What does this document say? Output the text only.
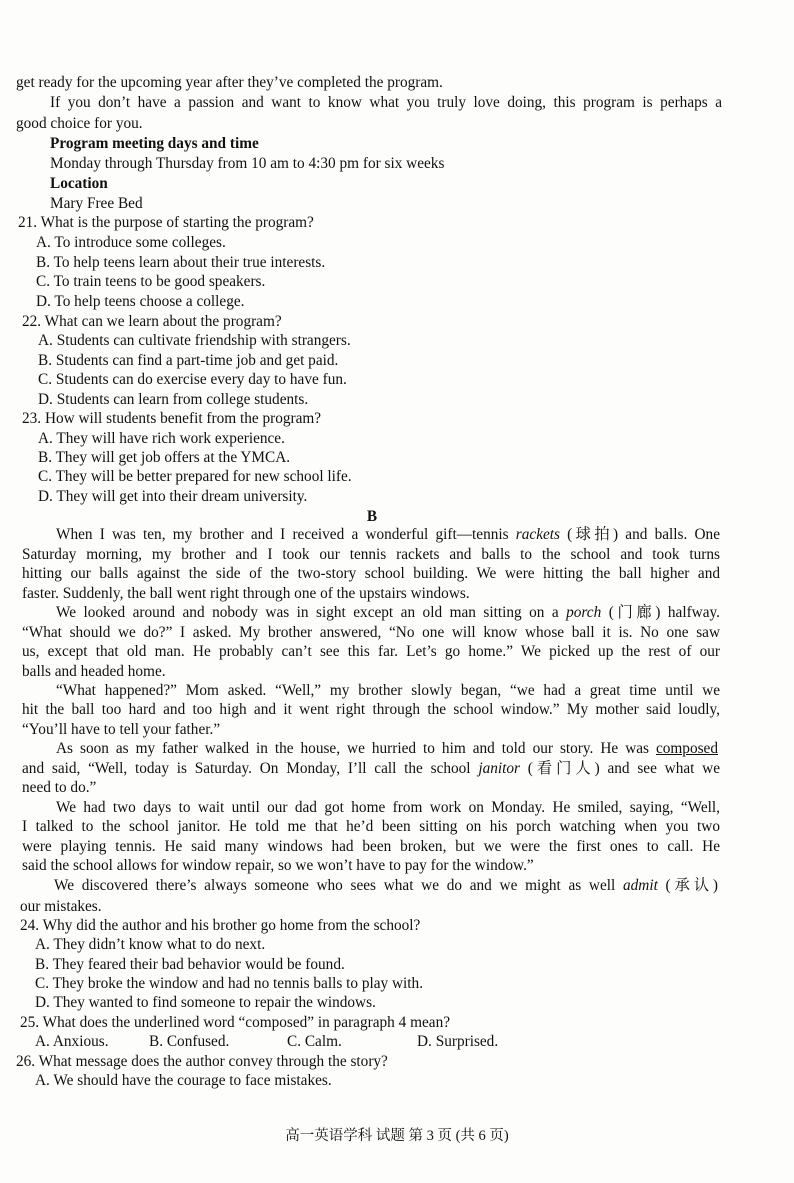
get ready for the upcoming year after they’ve completed the program.
If you don’t have a passion and want to know what you truly love doing, this program is perhaps a
good choice for you.
Program meeting days and time
Monday through Thursday from 10 am to 4:30 pm for six weeks
Location
Mary Free Bed
21. What is the purpose of starting the program?
A. To introduce some colleges.
B. To help teens learn about their true interests.
C. To train teens to be good speakers.
D. To help teens choose a college.
22. What can we learn about the program?
A. Students can cultivate friendship with strangers.
B. Students can find a part-time job and get paid.
C. Students can do exercise every day to have fun.
D. Students can learn from college students.
23. How will students benefit from the program?
A. They will have rich work experience.
B. They will get job offers at the YMCA.
C. They will be better prepared for new school life.
D. They will get into their dream university.
B
When I was ten, my brother and I received a wonderful gift—tennis rackets (球拍) and balls. One
Saturday morning, my brother and I took our tennis rackets and balls to the school and took turns
hitting our balls against the side of the two-story school building. We were hitting the ball higher and
faster. Suddenly, the ball went right through one of the upstairs windows.
We looked around and nobody was in sight except an old man sitting on a porch (门廊) halfway.
“What should we do?” I asked. My brother answered, “No one will know whose ball it is. No one saw
us, except that old man. He probably can’t see this far. Let’s go home.” We picked up the rest of our
balls and headed home.
“What happened?” Mom asked. “Well,” my brother slowly began, “we had a great time until we
hit the ball too hard and too high and it went right through the school window.” My mother said loudly,
“You’ll have to tell your father.”
As soon as my father walked in the house, we hurried to him and told our story. He was composed
and said, “Well, today is Saturday. On Monday, I’ll call the school janitor (看门人) and see what we
need to do.”
We had two days to wait until our dad got home from work on Monday. He smiled, saying, “Well,
I talked to the school janitor. He told me that he’d been sitting on his porch watching when you two
were playing tennis. He said many windows had been broken, but we were the first ones to call. He
said the school allows for window repair, so we won’t have to pay for the window.”
We discovered there’s always someone who sees what we do and we might as well admit (承认)
our mistakes.
24. Why did the author and his brother go home from the school?
A. They didn’t know what to do next.
B. They feared their bad behavior would be found.
C. They broke the window and had no tennis balls to play with.
D. They wanted to find someone to repair the windows.
25. What does the underlined word “composed” in paragraph 4 mean?
A. Anxious.	B. Confused.	C. Calm.	D. Surprised.
26. What message does the author convey through the story?
A. We should have the courage to face mistakes.
高一英语学科 试题 第 3 页 (共 6 页)
